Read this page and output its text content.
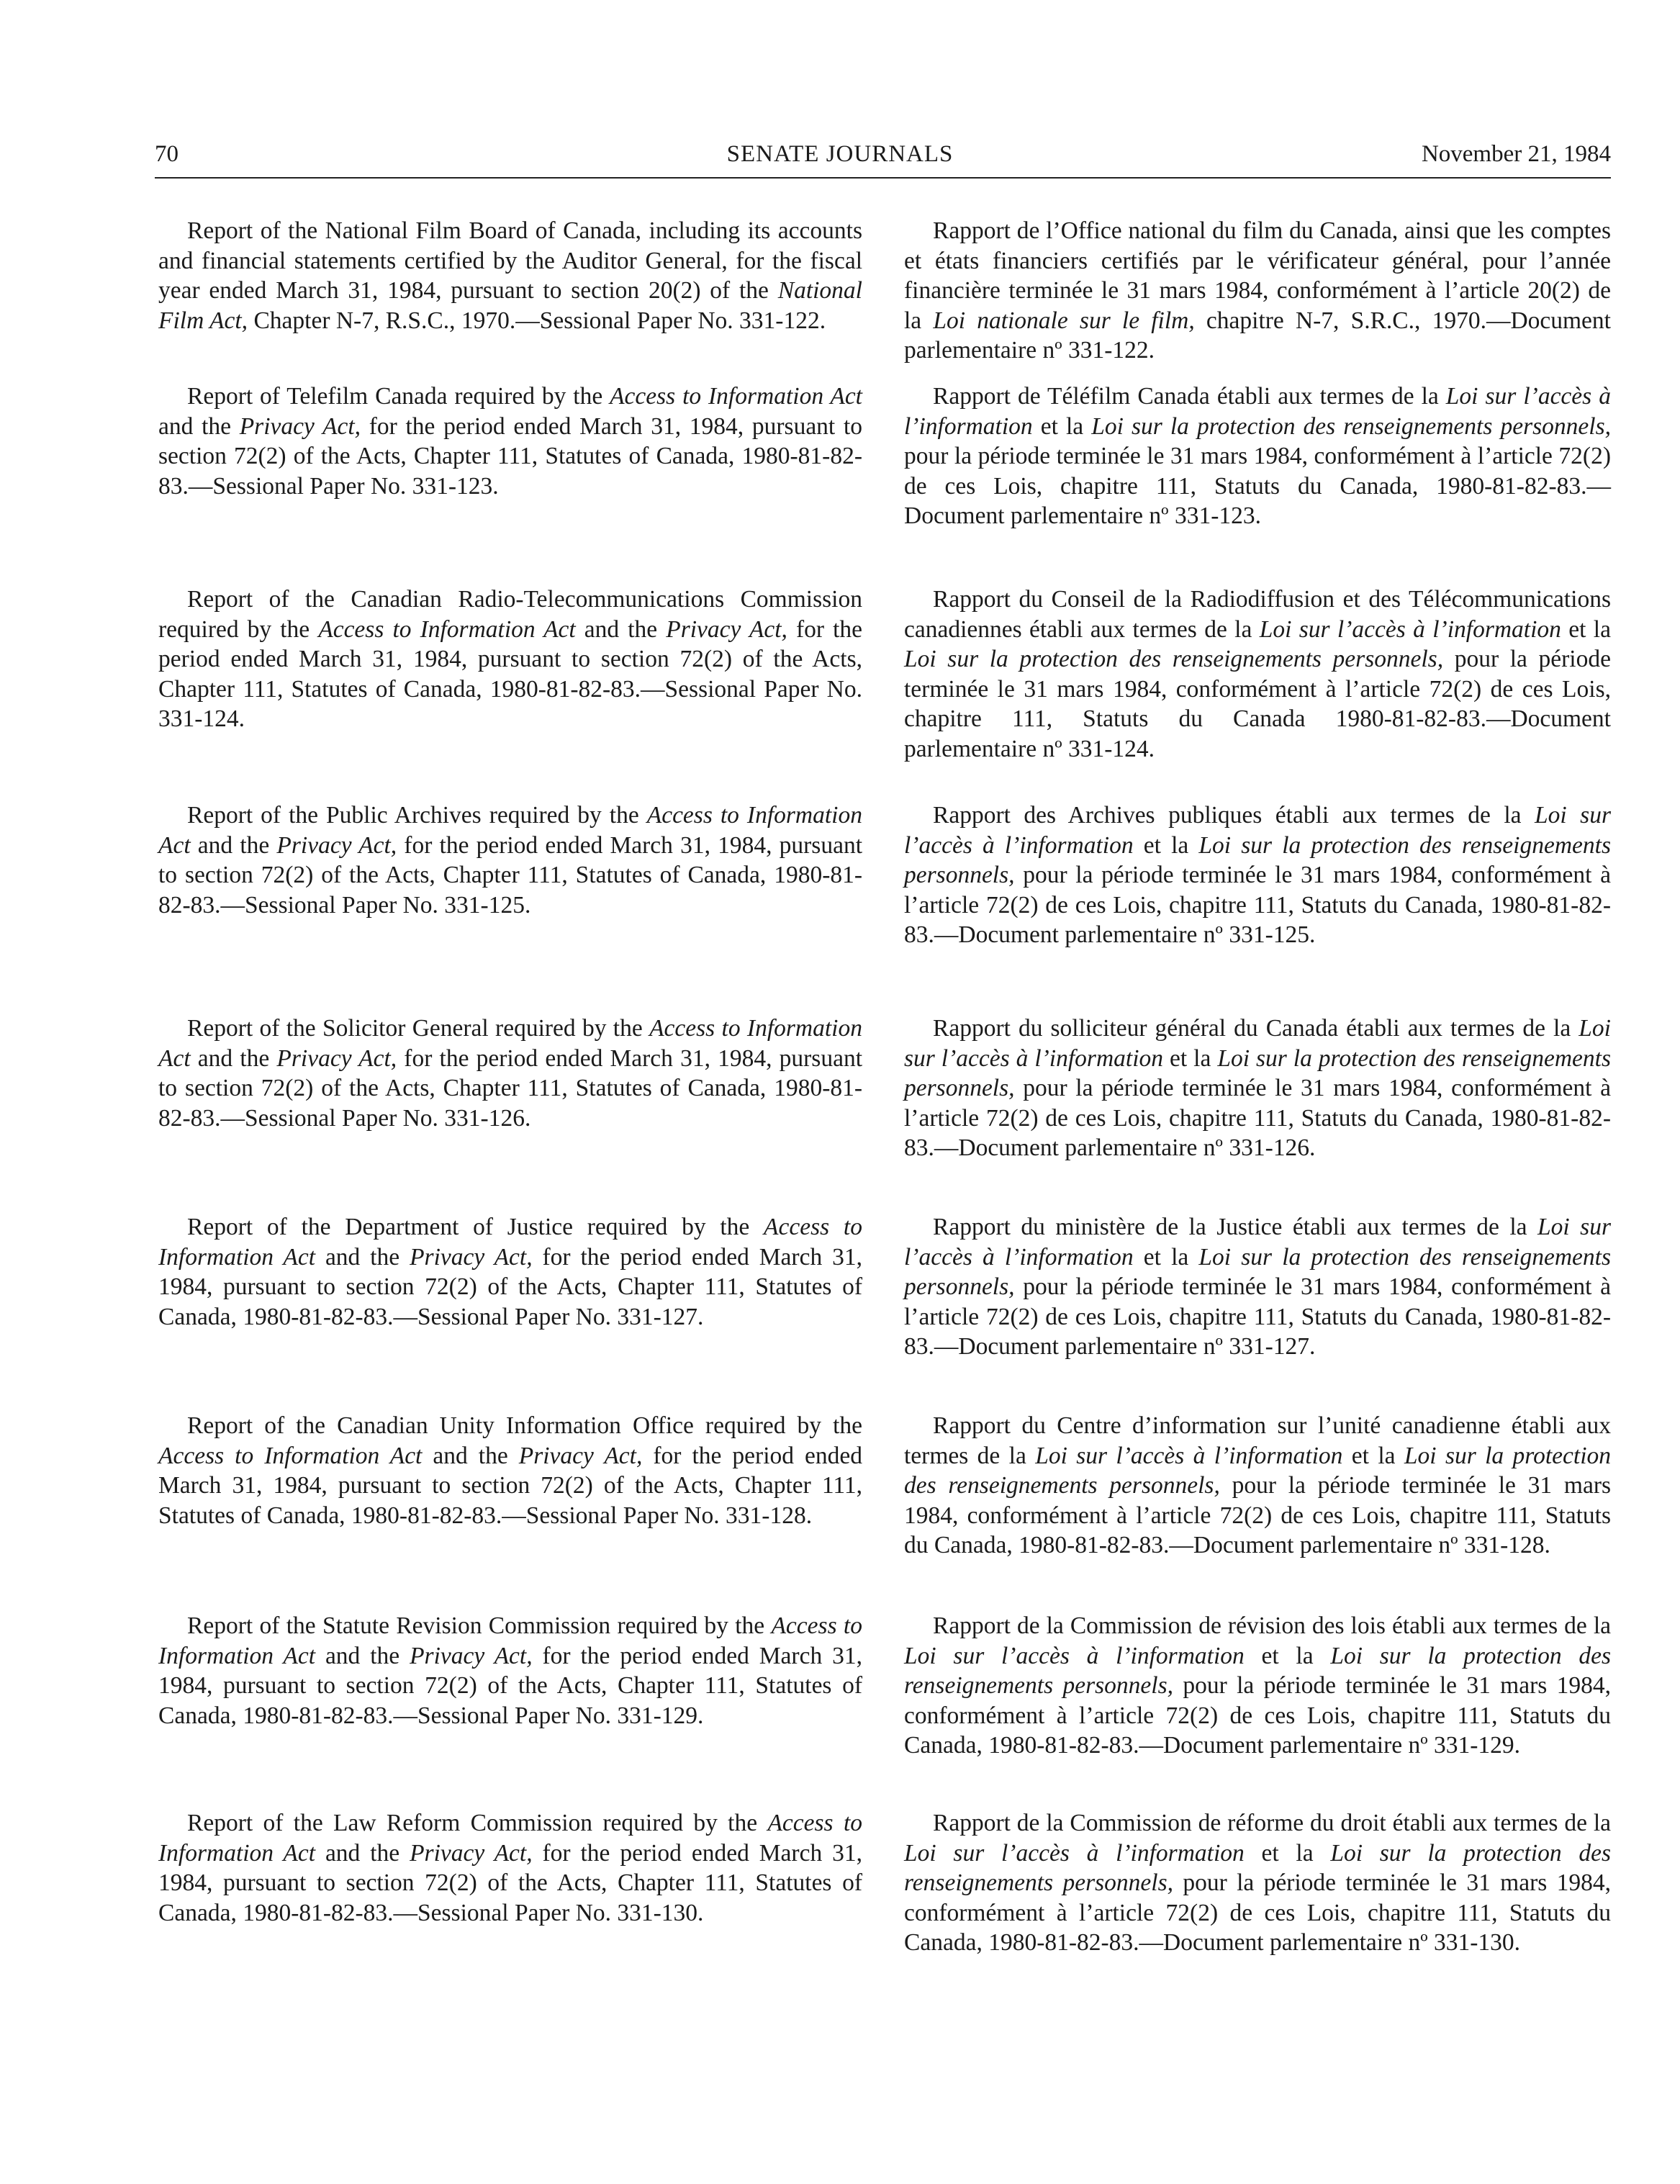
SENATE JOURNALS
70	November 21, 1984

Report of the National Film Board of Canada, including its accounts and financial statements certified by the Auditor General, for the fiscal year ended March 31, 1984, pursuant to section 20(2) of the National Film Act, Chapter N-7, R.S.C., 1970.—Sessional Paper No. 331-122.

Report of Telefilm Canada required by the Access to Information Act and the Privacy Act, for the period ended March 31, 1984, pursuant to section 72(2) of the Acts, Chapter 111, Statutes of Canada, 1980-81-82-83.—Sessional Paper No. 331-123.

Report of the Canadian Radio-Telecommunications Commission required by the Access to Information Act and the Privacy Act, for the period ended March 31, 1984, pursuant to section 72(2) of the Acts, Chapter 111, Statutes of Canada, 1980-81-82-83.—Sessional Paper No. 331-124.

Report of the Public Archives required by the Access to Information Act and the Privacy Act, for the period ended March 31, 1984, pursuant to section 72(2) of the Acts, Chapter 111, Statutes of Canada, 1980-81-82-83.—Sessional Paper No. 331-125.

Report of the Solicitor General required by the Access to Information Act and the Privacy Act, for the period ended March 31, 1984, pursuant to section 72(2) of the Acts, Chapter 111, Statutes of Canada, 1980-81-82-83.—Sessional Paper No. 331-126.

Report of the Department of Justice required by the Access to Information Act and the Privacy Act, for the period ended March 31, 1984, pursuant to section 72(2) of the Acts, Chapter 111, Statutes of Canada, 1980-81-82-83.—Sessional Paper No. 331-127.

Report of the Canadian Unity Information Office required by the Access to Information Act and the Privacy Act, for the period ended March 31, 1984, pursuant to section 72(2) of the Acts, Chapter 111, Statutes of Canada, 1980-81-82-83.—Sessional Paper No. 331-128.

Report of the Statute Revision Commission required by the Access to Information Act and the Privacy Act, for the period ended March 31, 1984, pursuant to section 72(2) of the Acts, Chapter 111, Statutes of Canada, 1980-81-82-83.—Sessional Paper No. 331-129.

Report of the Law Reform Commission required by the Access to Information Act and the Privacy Act, for the period ended March 31, 1984, pursuant to section 72(2) of the Acts, Chapter 111, Statutes of Canada, 1980-81-82-83.—Sessional Paper No. 331-130.

Rapport de l’Office national du film du Canada, ainsi que les comptes et états financiers certifiés par le vérificateur général, pour l’année financière terminée le 31 mars 1984, conformément à l’article 20(2) de la Loi nationale sur le film, chapitre N-7, S.R.C., 1970.—Document parlementaire nº 331-122.

Rapport de Téléfilm Canada établi aux termes de la Loi sur l’accès à l’information et la Loi sur la protection des renseignements personnels, pour la période terminée le 31 mars 1984, conformément à l’article 72(2) de ces Lois, chapitre 111, Statuts du Canada, 1980-81-82-83.—Document parlementaire nº 331-123.

Rapport du Conseil de la Radiodiffusion et des Télécommunications canadiennes établi aux termes de la Loi sur l’accès à l’information et la Loi sur la protection des renseignements personnels, pour la période terminée le 31 mars 1984, conformément à l’article 72(2) de ces Lois, chapitre 111, Statuts du Canada 1980-81-82-83.—Document parlementaire nº 331-124.

Rapport des Archives publiques établi aux termes de la Loi sur l’accès à l’information et la Loi sur la protection des renseignements personnels, pour la période terminée le 31 mars 1984, conformément à l’article 72(2) de ces Lois, chapitre 111, Statuts du Canada, 1980-81-82-83.—Document parlementaire nº 331-125.

Rapport du solliciteur général du Canada établi aux termes de la Loi sur l’accès à l’information et la Loi sur la protection des renseignements personnels, pour la période terminée le 31 mars 1984, conformément à l’article 72(2) de ces Lois, chapitre 111, Statuts du Canada, 1980-81-82-83.—Document parlementaire nº 331-126.

Rapport du ministère de la Justice établi aux termes de la Loi sur l’accès à l’information et la Loi sur la protection des renseignements personnels, pour la période terminée le 31 mars 1984, conformément à l’article 72(2) de ces Lois, chapitre 111, Statuts du Canada, 1980-81-82-83.—Document parlementaire nº 331-127.

Rapport du Centre d’information sur l’unité canadienne établi aux termes de la Loi sur l’accès à l’information et la Loi sur la protection des renseignements personnels, pour la période terminée le 31 mars 1984, conformément à l’article 72(2) de ces Lois, chapitre 111, Statuts du Canada, 1980-81-82-83.—Document parlementaire nº 331-128.

Rapport de la Commission de révision des lois établi aux termes de la Loi sur l’accès à l’information et la Loi sur la protection des renseignements personnels, pour la période terminée le 31 mars 1984, conformément à l’article 72(2) de ces Lois, chapitre 111, Statuts du Canada, 1980-81-82-83.—Document parlementaire nº 331-129.

Rapport de la Commission de réforme du droit établi aux termes de la Loi sur l’accès à l’information et la Loi sur la protection des renseignements personnels, pour la période terminée le 31 mars 1984, conformément à l’article 72(2) de ces Lois, chapitre 111, Statuts du Canada, 1980-81-82-83.—Document parlementaire nº 331-130.
